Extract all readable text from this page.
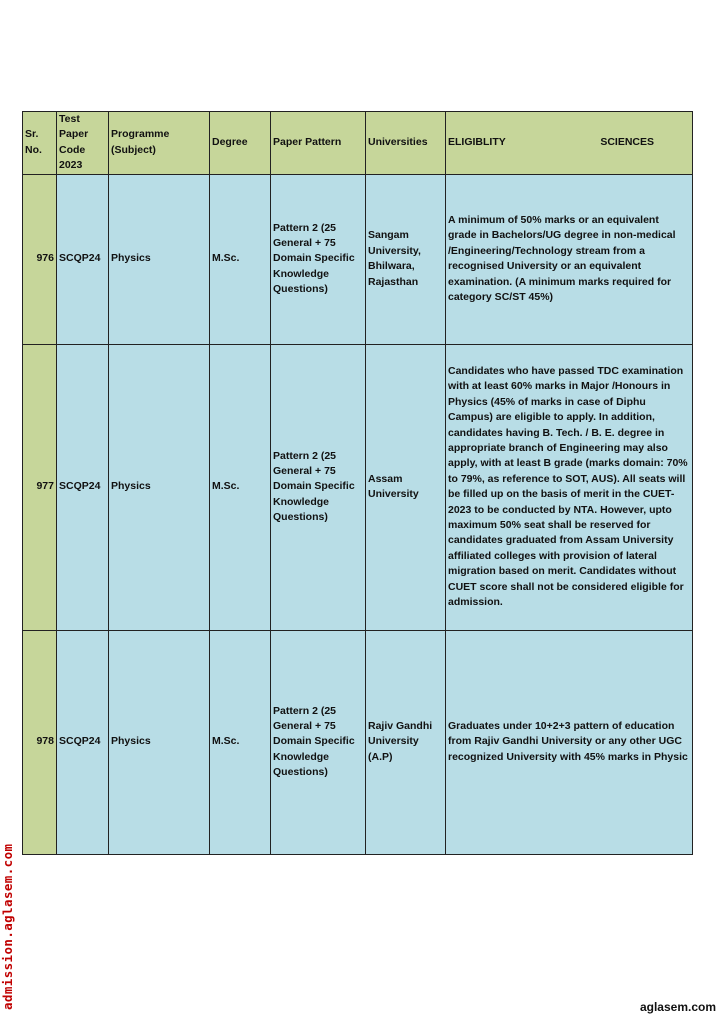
Sr. No.	Test Paper Code 2023	Programme (Subject)	Degree	Paper Pattern	Universities	ELIGIBLITY SCIENCES

976	SCQP24	Physics	M.Sc.	Pattern 2 (25 General + 75 Domain Specific Knowledge Questions)	Sangam University, Bhilwara, Rajasthan	A minimum of 50% marks or an equivalent grade in Bachelors/UG degree in non-medical /Engineering/Technology stream from a recognised University or an equivalent examination. (A minimum marks required for category SC/ST 45%)
977	SCQP24	Physics	M.Sc.	Pattern 2 (25 General + 75 Domain Specific Knowledge Questions)	Assam University	Candidates who have passed TDC examination with at least 60% marks in Major /Honours in Physics (45% of marks in case of Diphu Campus) are eligible to apply. In addition, candidates having B. Tech. / B. E. degree in appropriate branch of Engineering may also apply, with at least B grade (marks domain: 70% to 79%, as reference to SOT, AUS). All seats will be filled up on the basis of merit in the CUET-2023 to be conducted by NTA. However, upto maximum 50% seat shall be reserved for candidates graduated from Assam University affiliated colleges with provision of lateral migration based on merit. Candidates without CUET score shall not be considered eligible for admission.
978	SCQP24	Physics	M.Sc.	Pattern 2 (25 General + 75 Domain Specific Knowledge Questions)	Rajiv Gandhi University (A.P)	Graduates under 10+2+3 pattern of education from Rajiv Gandhi University or any other UGC recognized University with 45% marks in Physic
admission.aglasem.com	aglasem.com
